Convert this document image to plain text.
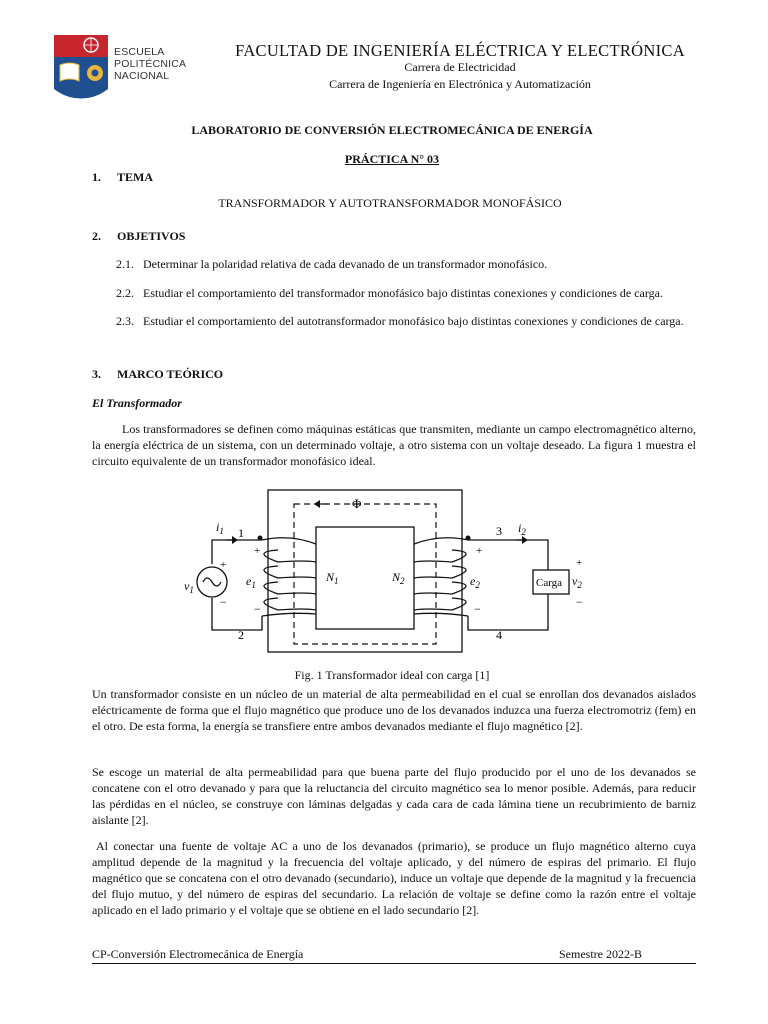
ESCUELA
POLITÉCNICA
NACIONAL
FACULTAD DE INGENIERÍA ELÉCTRICA Y ELECTRÓNICA
Carrera de Electricidad
Carrera de Ingeniería en Electrónica y Automatización
LABORATORIO DE CONVERSIÓN ELECTROMECÁNICA DE ENERGÍA
PRÁCTICA N° 03
1. TEMA
TRANSFORMADOR Y AUTOTRANSFORMADOR MONOFÁSICO
2. OBJETIVOS
2.1. Determinar la polaridad relativa de cada devanado de un transformador monofásico.
2.2. Estudiar el comportamiento del transformador monofásico bajo distintas conexiones y condiciones de carga.
2.3. Estudiar el comportamiento del autotransformador monofásico bajo distintas conexiones y condiciones de carga.
3. MARCO TEÓRICO
El Transformador
Los transformadores se definen como máquinas estáticas que transmiten, mediante un campo electromagnético alterno, la energía eléctrica de un sistema, con un determinado voltaje, a otro sistema con un voltaje deseado. La figura 1 muestra el circuito equivalente de un transformador monofásico ideal.
Φ
Carga
$i_1$ 1
2
+
−
$v_1$
+
−
$e_1$
$N_1$	$N_2$	$e_2$
+
−
3
4
$i_2$
+
−
$v_2$
Fig. 1 Transformador ideal con carga [1]
Un transformador consiste en un núcleo de un material de alta permeabilidad en el cual se enrollan dos devanados aislados eléctricamente de forma que el flujo magnético que produce uno de los devanados induzca una fuerza electromotriz (fem) en el otro. De esta forma, la energía se transfiere entre ambos devanados mediante el flujo magnético [2].
Se escoge un material de alta permeabilidad para que buena parte del flujo producido por el uno de los devanados se concatene con el otro devanado y para que la reluctancia del circuito magnético sea lo menor posible. Además, para reducir las pérdidas en el núcleo, se construye con láminas delgadas y cada cara de cada lámina tiene un recubrimiento de barniz aislante [2].
Al conectar una fuente de voltaje AC a uno de los devanados (primario), se produce un flujo magnético alterno cuya amplitud depende de la magnitud y la frecuencia del voltaje aplicado, y del número de espiras del primario. El flujo magnético que se concatena con el otro devanado (secundario), induce un voltaje que depende de la magnitud y la frecuencia del flujo mutuo, y del número de espiras del secundario. La relación de voltaje se define como la razón entre el voltaje aplicado en el lado primario y el voltaje que se obtiene en el lado secundario [2].
CP-Conversión Electromecánica de Energía	Semestre 2022-B
